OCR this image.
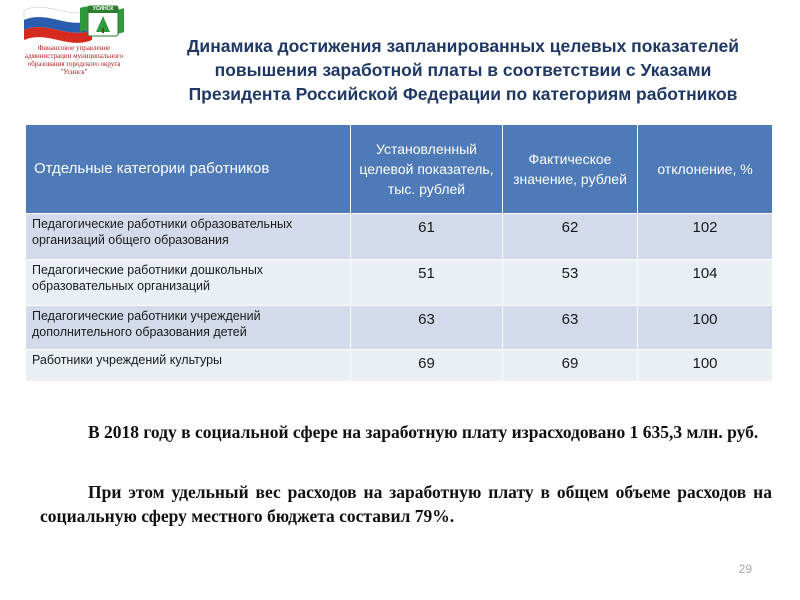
УСИНСК
Финансовое управление
администрации муниципального
образования городского округа
"Усинск"
Динамика достижения запланированных целевых показателей
повышения заработной платы в соответствии с Указами
Президента Российской Федерации по категориям работников
Отдельные категории работников	Установленный целевой показатель, тыс. рублей	Фактическое значение, рублей	отклонение, %
Педагогические работники образовательных организаций общего образования	61	62	102
Педагогические работники дошкольных образовательных организаций	51	53	104
Педагогические работники учреждений дополнительного образования детей	63	63	100
Работники учреждений культуры	69	69	100
В 2018 году в социальной сфере на заработную плату израсходовано 1 635,3 млн. руб.
При этом удельный вес расходов на заработную плату в общем объеме расходов на социальную сферу местного бюджета составил 79%.
29
